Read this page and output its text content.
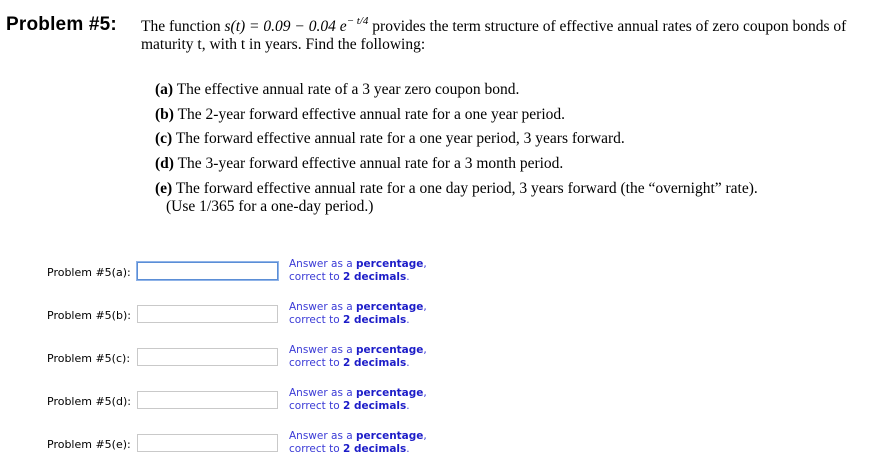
Problem #5: The function s(t) = 0.09 − 0.04 $e^{- t/4}$ provides the term structure of effective annual rates of zero coupon bonds of maturity t, with t in years. Find the following:
(a) The effective annual rate of a 3 year zero coupon bond.
(b) The 2-year forward effective annual rate for a one year period.
(c) The forward effective annual rate for a one year period, 3 years forward.
(d) The 3-year forward effective annual rate for a 3 month period.
(e) The forward effective annual rate for a one day period, 3 years forward (the “overnight” rate).
(Use 1/365 for a one-day period.)
Problem #5(a):
Answer as a percentage,
correct to 2 decimals.
Problem #5(b):
Answer as a percentage,
correct to 2 decimals.
Problem #5(c):
Answer as a percentage,
correct to 2 decimals.
Problem #5(d):
Answer as a percentage,
correct to 2 decimals.
Problem #5(e):
Answer as a percentage,
correct to 2 decimals.
